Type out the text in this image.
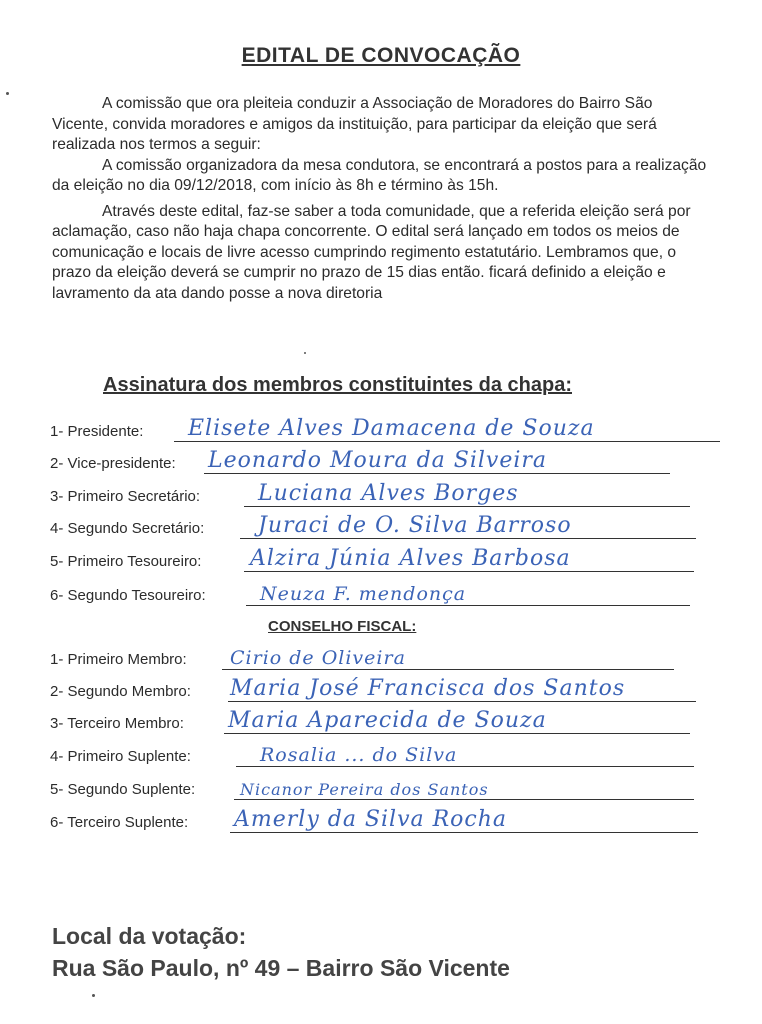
EDITAL DE CONVOCAÇÃO

A comissão que ora pleiteia conduzir a Associação de Moradores do Bairro São Vicente, convida moradores e amigos da instituição, para participar da eleição que será realizada nos termos a seguir:

A comissão organizadora da mesa condutora, se encontrará a postos para a realização da eleição no dia 09/12/2018, com início às 8h e término às 15h.

Através deste edital, faz-se saber a toda comunidade, que a referida eleição será por aclamação, caso não haja chapa concorrente. O edital será lançado em todos os meios de comunicação e locais de livre acesso cumprindo regimento estatutário. Lembramos que, o prazo da eleição deverá se cumprir no prazo de 15 dias então. ficará definido a eleição e lavramento da ata dando posse a nova diretoria

Assinatura dos membros constituintes da chapa:
1- Presidente: Elisete Alves Damacena de Souza
2- Vice-presidente: Leonardo Moura da Silveira
3- Primeiro Secretário:	Luciana Alves Borges
4- Segundo Secretário: Juraci de O. Silva Barroso
5- Primeiro Tesoureiro: Alzira Júnia Alves Barbosa
6- Segundo Tesoureiro:	Neuza F. mendonça
CONSELHO FISCAL:
1- Primeiro Membro: Cirio de Oliveira
2- Segundo Membro: Maria José Francisca dos Santos
3- Terceiro Membro: Maria Aparecida de Souza
4- Primeiro Suplente:	Rosalia ... do Silva
5- Segundo Suplente:	Nicanor Pereira dos Santos
6- Terceiro Suplente: Amerly da Silva Rocha
Local da votação:
Rua São Paulo, nº 49 – Bairro São Vicente
